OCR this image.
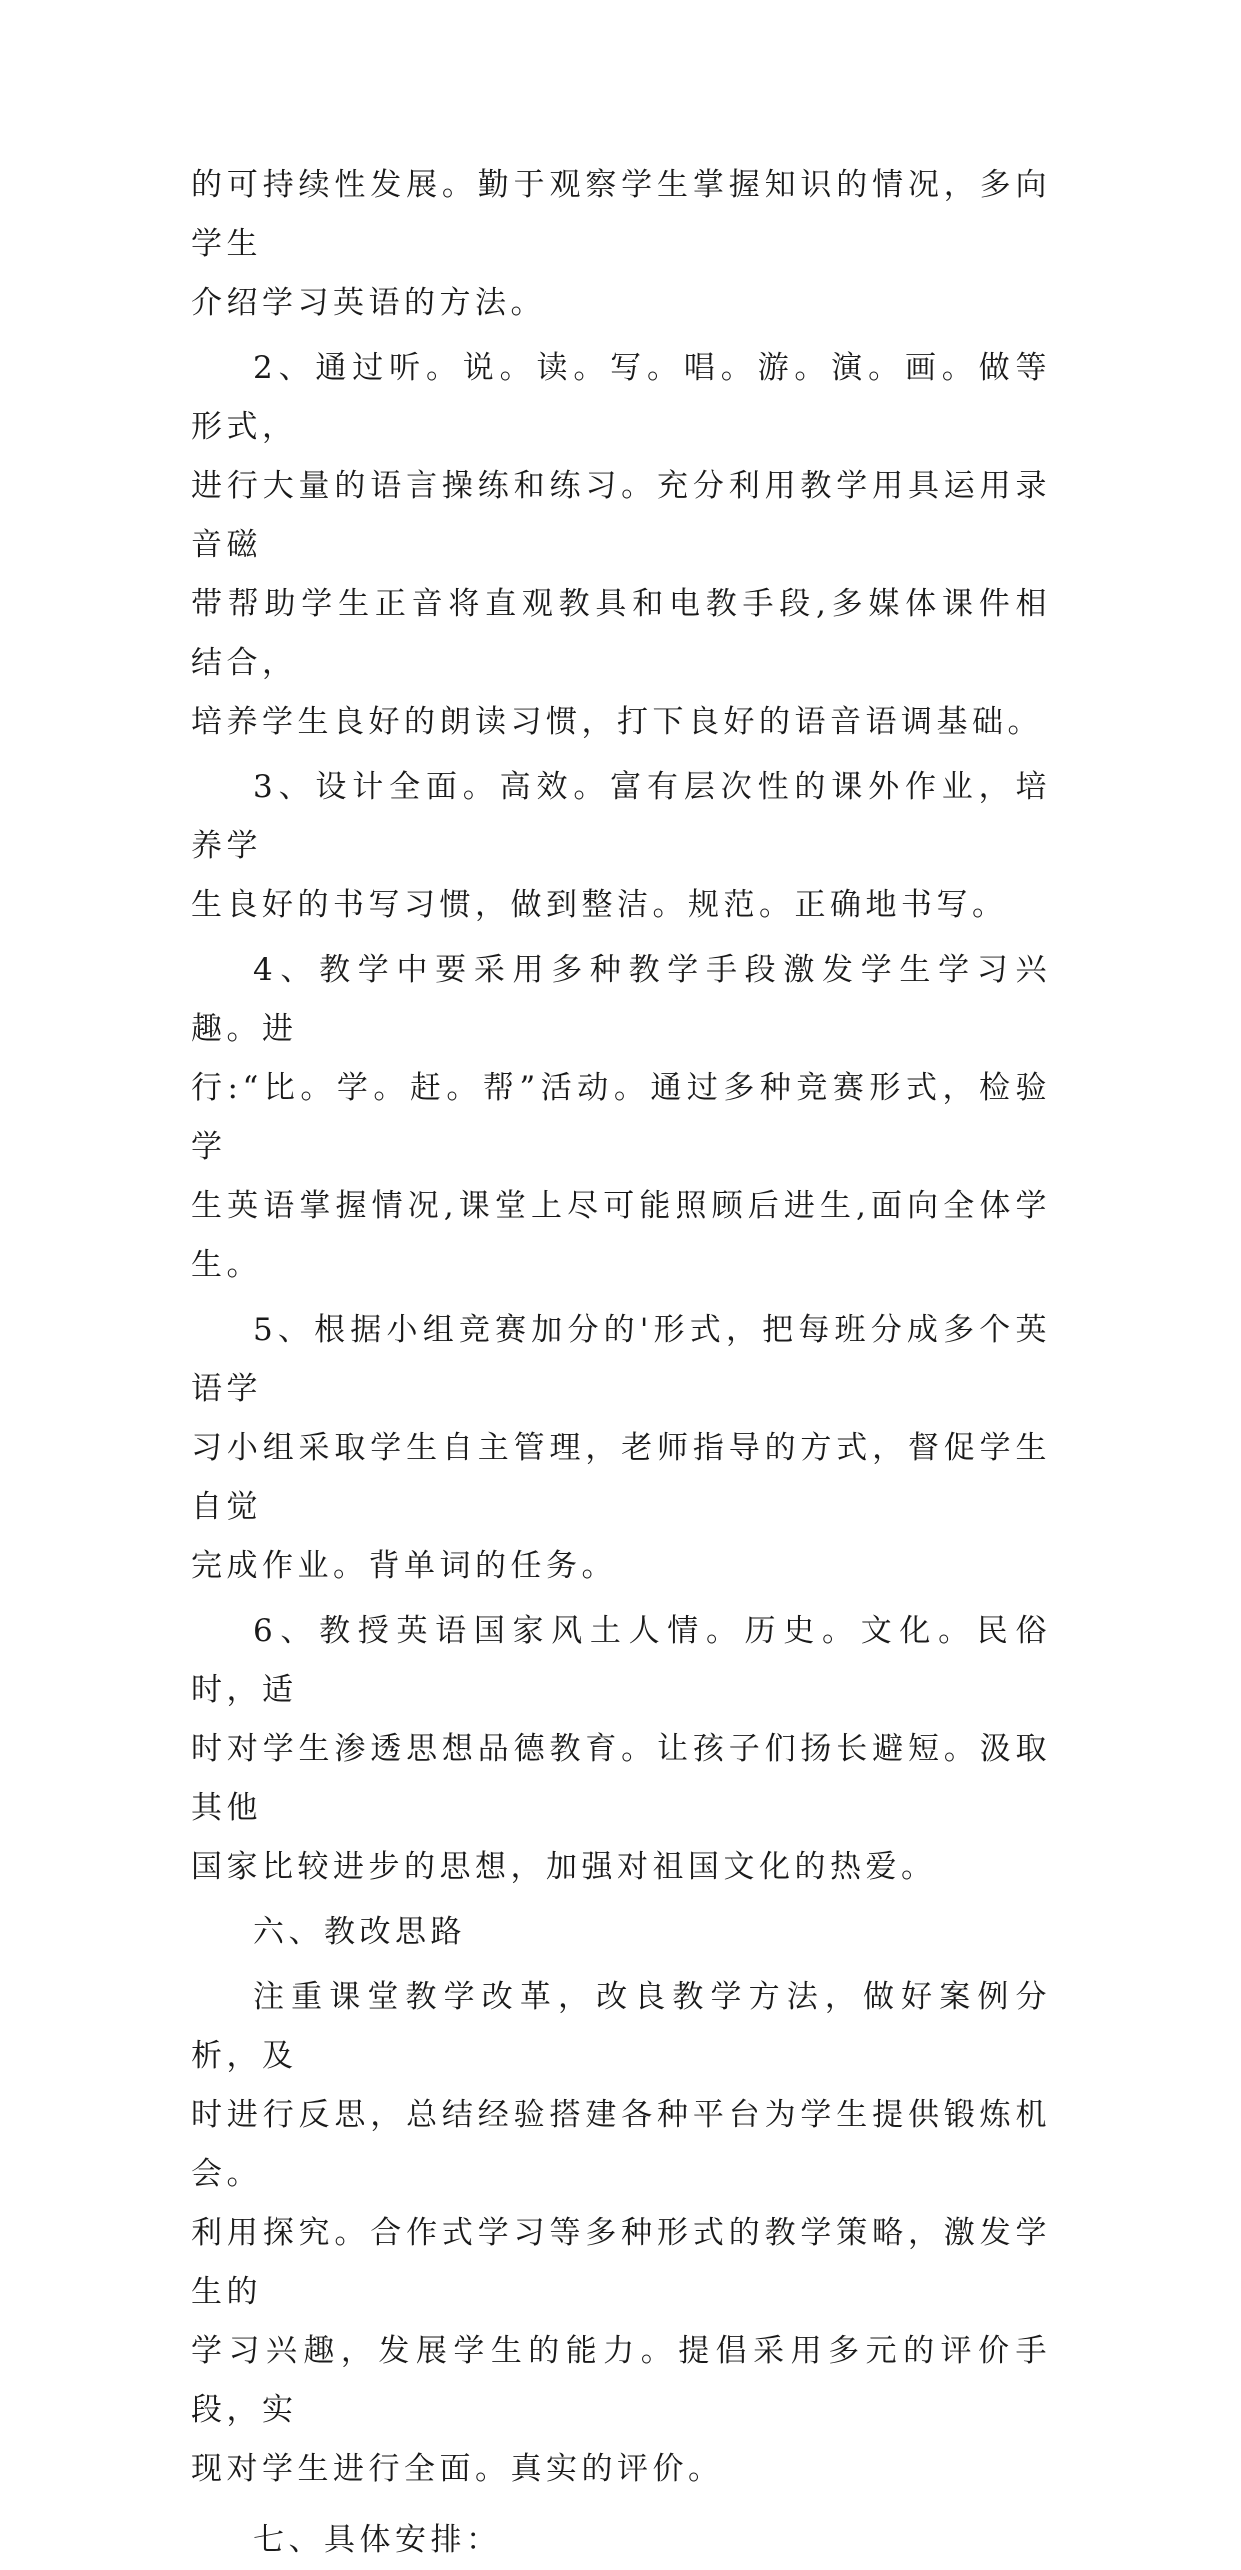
的可持续性发展。勤于观察学生掌握知识的情况，多向学生
介绍学习英语的方法。
2、通过听。说。读。写。唱。游。演。画。做等形式，
进行大量的语言操练和练习。充分利用教学用具运用录音磁
带帮助学生正音将直观教具和电教手段,多媒体课件相结合，
培养学生良好的朗读习惯，打下良好的语音语调基础。
3、设计全面。高效。富有层次性的课外作业，培养学
生良好的书写习惯，做到整洁。规范。正确地书写。
4、教学中要采用多种教学手段激发学生学习兴趣。进
行:“比。学。赶。帮”活动。通过多种竞赛形式，检验学
生英语掌握情况,课堂上尽可能照顾后进生,面向全体学生。
5、根据小组竞赛加分的'形式，把每班分成多个英语学
习小组采取学生自主管理，老师指导的方式，督促学生自觉
完成作业。背单词的任务。
6、教授英语国家风土人情。历史。文化。民俗时，适
时对学生渗透思想品德教育。让孩子们扬长避短。汲取其他
国家比较进步的思想，加强对祖国文化的热爱。
六、教改思路
注重课堂教学改革，改良教学方法，做好案例分析，及
时进行反思，总结经验搭建各种平台为学生提供锻炼机会。
利用探究。合作式学习等多种形式的教学策略，激发学生的
学习兴趣，发展学生的能力。提倡采用多元的评价手段，实
现对学生进行全面。真实的评价。
七、具体安排：
